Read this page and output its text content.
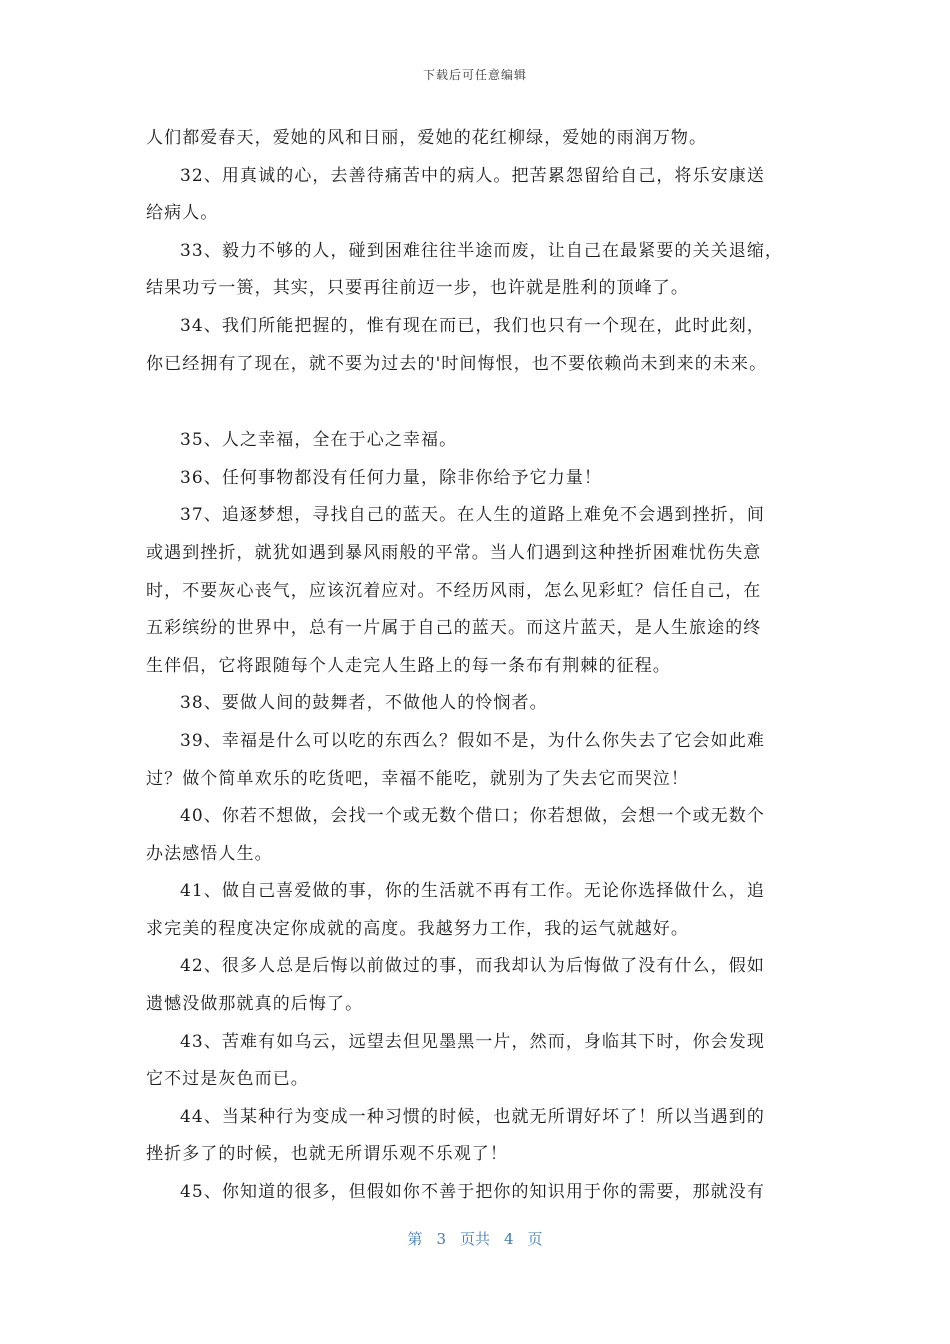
下载后可任意编辑

人们都爱春天，爱她的风和日丽，爱她的花红柳绿，爱她的雨润万物。

32、用真诚的心，去善待痛苦中的病人。把苦累怨留给自己，将乐安康送
给病人。

33、毅力不够的人，碰到困难往往半途而废，让自己在最紧要的关关退缩，
结果功亏一篑，其实，只要再往前迈一步，也许就是胜利的顶峰了。

34、我们所能把握的，惟有现在而已，我们也只有一个现在，此时此刻，
你已经拥有了现在，就不要为过去的'时间悔恨，也不要依赖尚未到来的未来。

35、人之幸福，全在于心之幸福。

36、任何事物都没有任何力量，除非你给予它力量！

37、追逐梦想，寻找自己的蓝天。在人生的道路上难免不会遇到挫折，间
或遇到挫折，就犹如遇到暴风雨般的平常。当人们遇到这种挫折困难忧伤失意
时，不要灰心丧气，应该沉着应对。不经历风雨，怎么见彩虹？信任自己，在
五彩缤纷的世界中，总有一片属于自己的蓝天。而这片蓝天，是人生旅途的终
生伴侣，它将跟随每个人走完人生路上的每一条布有荆棘的征程。

38、要做人间的鼓舞者，不做他人的怜悯者。

39、幸福是什么可以吃的东西么？假如不是，为什么你失去了它会如此难
过？做个简单欢乐的吃货吧，幸福不能吃，就别为了失去它而哭泣！

40、你若不想做，会找一个或无数个借口；你若想做，会想一个或无数个
办法感悟人生。

41、做自己喜爱做的事，你的生活就不再有工作。无论你选择做什么，追
求完美的程度决定你成就的高度。我越努力工作，我的运气就越好。

42、很多人总是后悔以前做过的事，而我却认为后悔做了没有什么，假如
遗憾没做那就真的后悔了。

43、苦难有如乌云，远望去但见墨黑一片，然而，身临其下时，你会发现
它不过是灰色而已。

44、当某种行为变成一种习惯的时候，也就无所谓好坏了！所以当遇到的
挫折多了的时候，也就无所谓乐观不乐观了！

45、你知道的很多，但假如你不善于把你的知识用于你的需要，那就没有

第 3 页共 4 页
